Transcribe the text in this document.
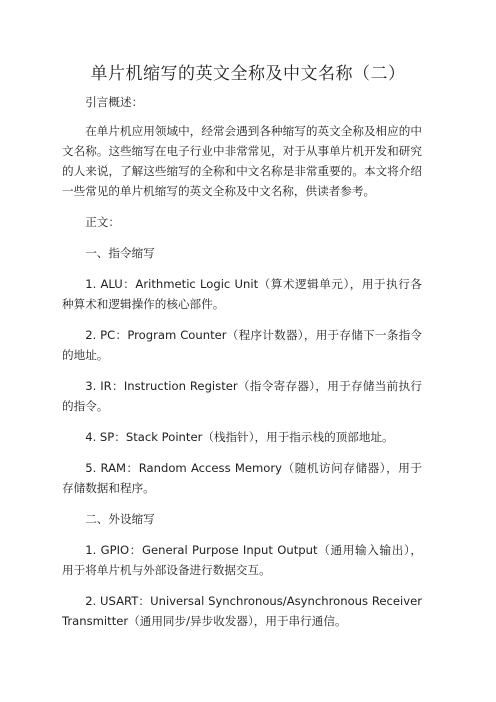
单片机缩写的英文全称及中文名称（二）

引言概述：

在单片机应用领域中，经常会遇到各种缩写的英文全称及相应的中文名称。这些缩写在电子行业中非常常见，对于从事单片机开发和研究的人来说，了解这些缩写的全称和中文名称是非常重要的。本文将介绍一些常见的单片机缩写的英文全称及中文名称，供读者参考。

正文：

一、指令缩写

1. ALU：Arithmetic Logic Unit（算术逻辑单元），用于执行各种算术和逻辑操作的核心部件。

2. PC：Program Counter（程序计数器），用于存储下一条指令的地址。

3. IR：Instruction Register（指令寄存器），用于存储当前执行的指令。

4. SP：Stack Pointer（栈指针），用于指示栈的顶部地址。

5. RAM：Random Access Memory（随机访问存储器），用于存储数据和程序。

二、外设缩写

1. GPIO：General Purpose Input Output（通用输入输出），用于将单片机与外部设备进行数据交互。

2. USART：Universal Synchronous/Asynchronous Receiver Transmitter（通用同步/异步收发器），用于串行通信。
